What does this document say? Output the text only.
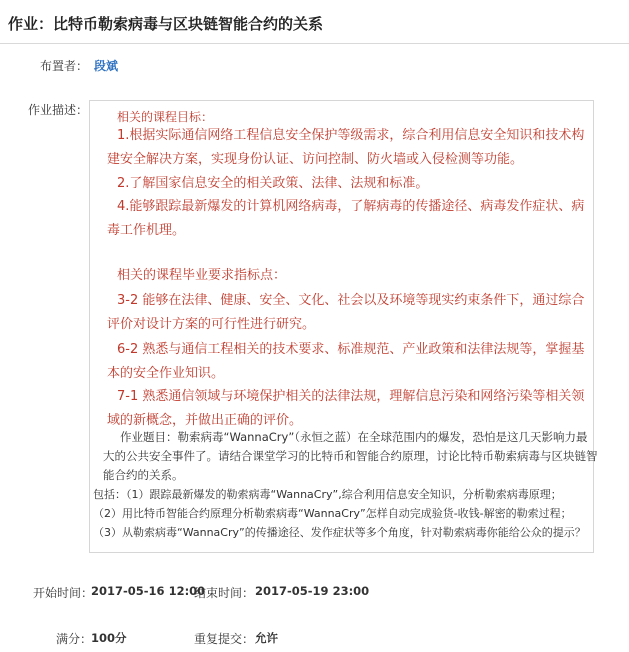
作业：比特币勒索病毒与区块链智能合约的关系
布置者： 段斌
作业描述： 相关的课程目标：
1.根据实际通信网络工程信息安全保护等级需求，综合利用信息安全知识和技术构建安全解决方案，实现身份认证、访问控制、防火墙或入侵检测等功能。
2.了解国家信息安全的相关政策、法律、法规和标准。
4.能够跟踪最新爆发的计算机网络病毒，了解病毒的传播途径、病毒发作症状、病毒工作机理。
相关的课程毕业要求指标点：
3-2 能够在法律、健康、安全、文化、社会以及环境等现实约束条件下，通过综合评价对设计方案的可行性进行研究。
6-2 熟悉与通信工程相关的技术要求、标准规范、产业政策和法律法规等，掌握基本的安全作业知识。
7-1 熟悉通信领域与环境保护相关的法律法规，理解信息污染和网络污染等相关领域的新概念，并做出正确的评价。
作业题目：勒索病毒“WannaCry”（永恒之蓝）在全球范围内的爆发，恐怕是这几天影响力最大的公共安全事件了。请结合课堂学习的比特币和智能合约原理，讨论比特币勒索病毒与区块链智能合约的关系。
包括：（1）跟踪最新爆发的勒索病毒“WannaCry”,综合利用信息安全知识，分析勒索病毒原理；
（2）用比特币智能合约原理分析勒索病毒“WannaCry”怎样自动完成验货-收钱-解密的勒索过程；
（3）从勒索病毒“WannaCry”的传播途径、发作症状等多个角度，针对勒索病毒你能给公众的提示？
开始时间：
2017-05-16 12:00
结束时间： 2017-05-19 23:00
满分：
100分	重复提交： 允许
